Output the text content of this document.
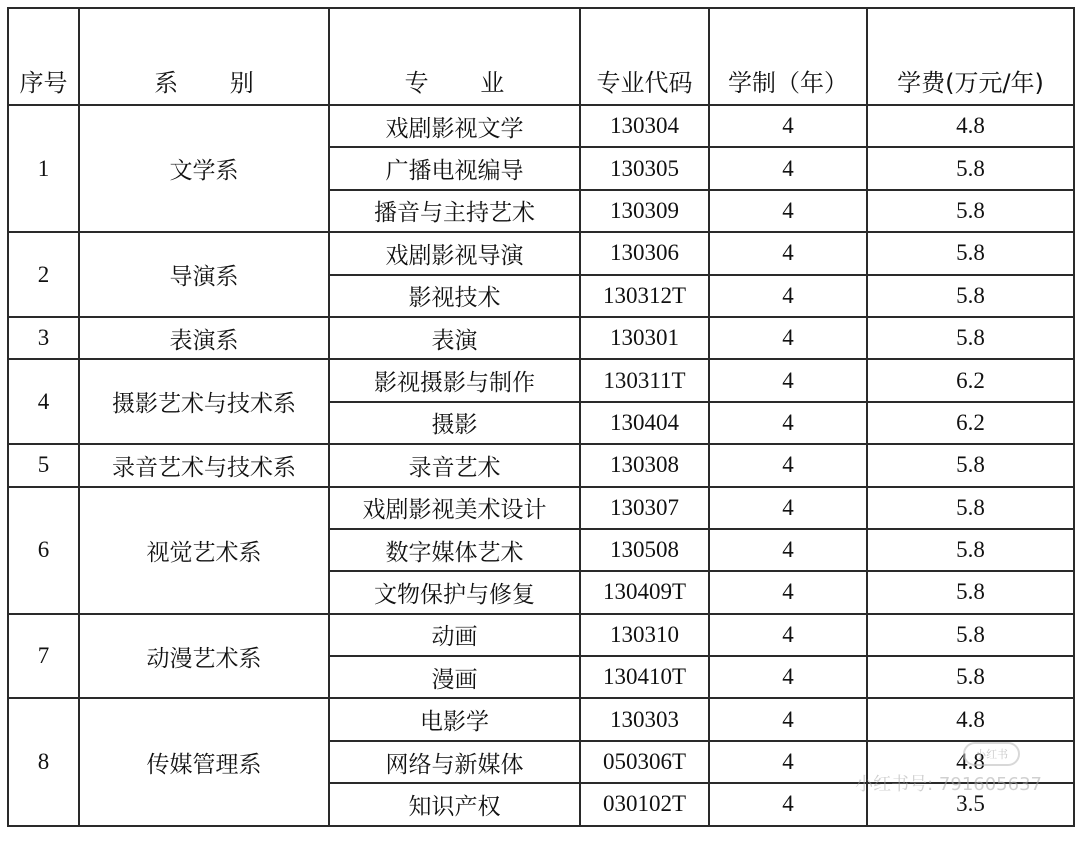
序号	系 别	专 业	专业代码	学制（年）	学费(万元/年)
1	文学系	戏剧影视文学	130304	4	4.8
		广播电视编导	130305	4	5.8
		播音与主持艺术	130309	4	5.8
2	导演系	戏剧影视导演	130306	4	5.8
		影视技术	130312T	4	5.8
3	表演系	表演	130301	4	5.8
4	摄影艺术与技术系	影视摄影与制作	130311T	4	6.2
		摄影	130404	4	6.2
5	录音艺术与技术系	录音艺术	130308	4	5.8
6	视觉艺术系	戏剧影视美术设计	130307	4	5.8
		数字媒体艺术	130508	4	5.8
		文物保护与修复	130409T	4	5.8
7	动漫艺术系	动画	130310	4	5.8
		漫画	130410T	4	5.8
8	传媒管理系	电影学	130303	4	4.8
		网络与新媒体	050306T	4	4.8
		知识产权	030102T	4	3.5
小红书
小红书号: 791605637
